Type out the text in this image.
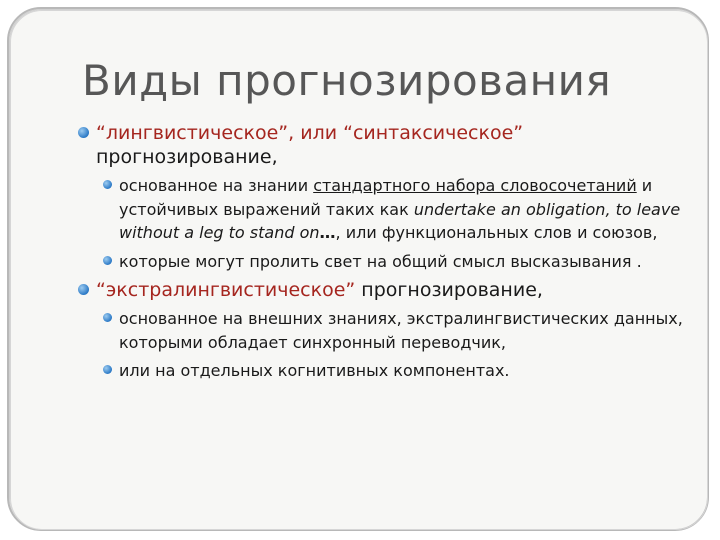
Виды прогнозирования
“лингвистическое”, или “синтаксическое”
прогнозирование,
основанное на знании стандартного набора словосочетаний и устойчивых выражений таких как undertake an obligation, to leave without a leg to stand on…, или функциональных слов и союзов,
которые могут пролить свет на общий смысл высказывания .
“экстралингвистическое” прогнозирование,
основанное на внешних знаниях, экстралингвистических данных, которыми обладает синхронный переводчик,
или на отдельных когнитивных компонентах.
